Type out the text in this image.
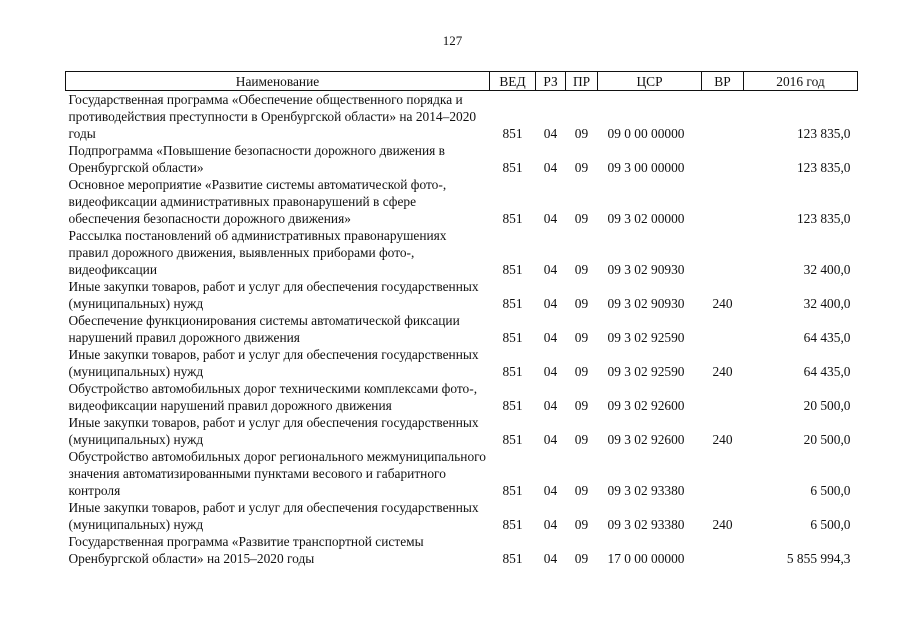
127
Наименование	ВЕД	РЗ	ПР	ЦСР	ВР	2016 год
Государственная программа «Обеспечение общественного порядка и противодействия преступности в Оренбургской области» на 2014–2020 годы	851	04	09	09 0 00 00000		123 835,0
Подпрограмма «Повышение безопасности дорожного движения в Оренбургской области»	851	04	09	09 3 00 00000		123 835,0
Основное мероприятие «Развитие системы автоматической фото-, видеофиксации административных правонарушений в сфере обеспечения безопасности дорожного движения»	851	04	09	09 3 02 00000		123 835,0
Рассылка постановлений об административных правонарушениях правил дорожного движения, выявленных приборами фото-, видеофиксации	851	04	09	09 3 02 90930		32 400,0
Иные закупки товаров, работ и услуг для обеспечения государственных (муниципальных) нужд	851	04	09	09 3 02 90930	240	32 400,0
Обеспечение функционирования системы автоматической фиксации нарушений правил дорожного движения	851	04	09	09 3 02 92590		64 435,0
Иные закупки товаров, работ и услуг для обеспечения государственных (муниципальных) нужд	851	04	09	09 3 02 92590	240	64 435,0
Обустройство автомобильных дорог техническими комплексами фото-, видеофиксации нарушений правил дорожного движения	851	04	09	09 3 02 92600		20 500,0
Иные закупки товаров, работ и услуг для обеспечения государственных (муниципальных) нужд	851	04	09	09 3 02 92600	240	20 500,0
Обустройство автомобильных дорог регионального межмуниципального значения автоматизированными пунктами весового и габаритного контроля	851	04	09	09 3 02 93380		6 500,0
Иные закупки товаров, работ и услуг для обеспечения государственных (муниципальных) нужд	851	04	09	09 3 02 93380	240	6 500,0
Государственная программа «Развитие транспортной системы Оренбургской области» на 2015–2020 годы	851	04	09	17 0 00 00000		5 855 994,3
